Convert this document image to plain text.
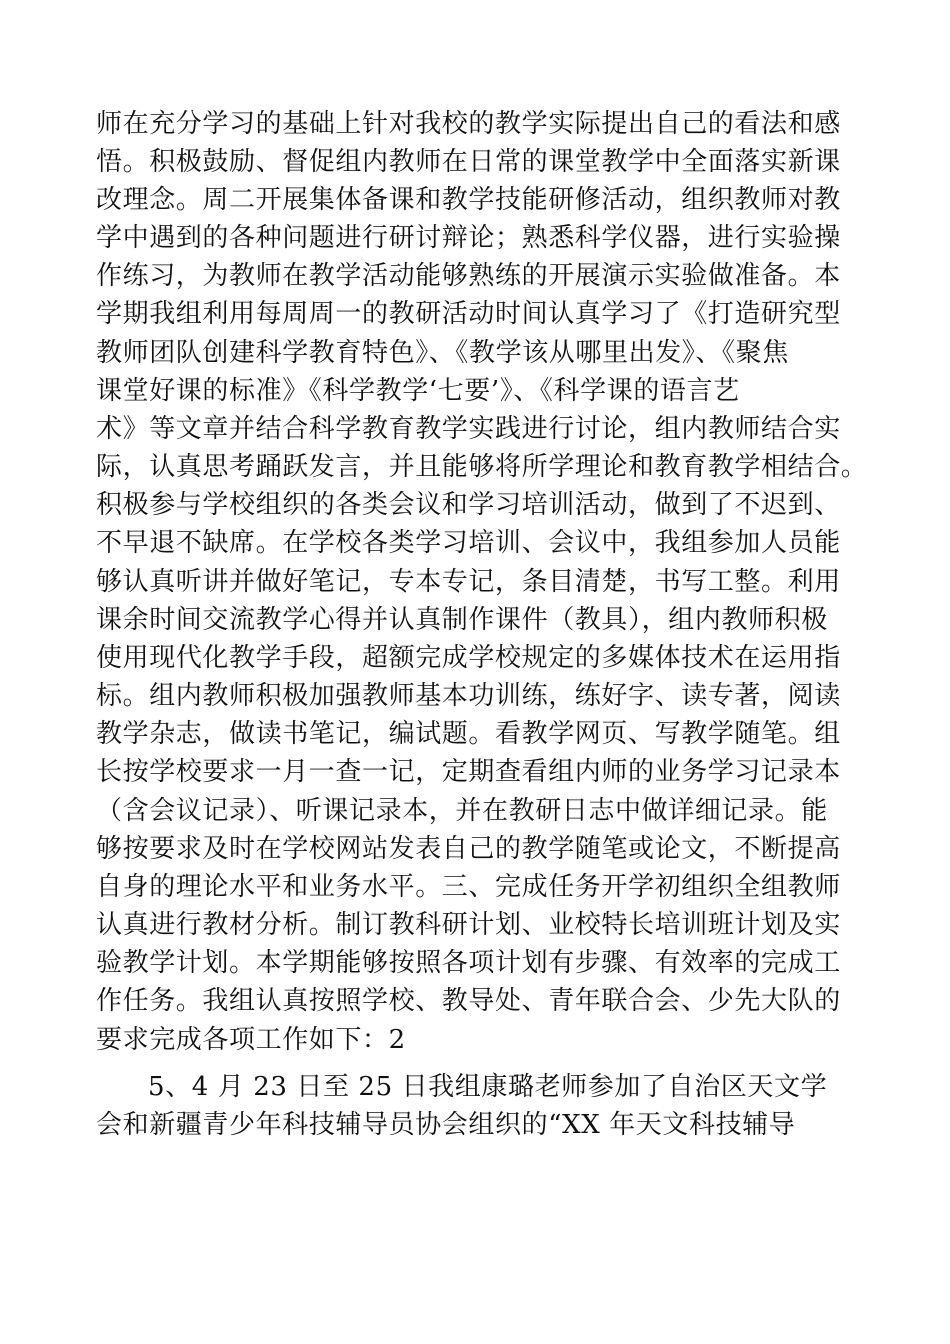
师在充分学习的基础上针对我校的教学实际提出自己的看法和感

悟。积极鼓励、督促组内教师在日常的课堂教学中全面落实新课

改理念。周二开展集体备课和教学技能研修活动，组织教师对教

学中遇到的各种问题进行研讨辩论；熟悉科学仪器，进行实验操

作练习，为教师在教学活动能够熟练的开展演示实验做准备。本

学期我组利用每周周一的教研活动时间认真学习了《打造研究型

教师团队创建科学教育特色》、《教学该从哪里出发》、《聚焦

课堂好课的标准》《科学教学‘七要’》、《科学课的语言艺

术》等文章并结合科学教育教学实践进行讨论，组内教师结合实

际，认真思考踊跃发言，并且能够将所学理论和教育教学相结合。

积极参与学校组织的各类会议和学习培训活动，做到了不迟到、

不早退不缺席。在学校各类学习培训、会议中，我组参加人员能

够认真听讲并做好笔记，专本专记，条目清楚，书写工整。利用

课余时间交流教学心得并认真制作课件（教具），组内教师积极

使用现代化教学手段，超额完成学校规定的多媒体技术在运用指

标。组内教师积极加强教师基本功训练，练好字、读专著，阅读

教学杂志，做读书笔记，编试题。看教学网页、写教学随笔。组

长按学校要求一月一查一记，定期查看组内师的业务学习记录本

（含会议记录）、听课记录本，并在教研日志中做详细记录。能

够按要求及时在学校网站发表自己的教学随笔或论文，不断提高

自身的理论水平和业务水平。三、完成任务开学初组织全组教师

认真进行教材分析。制订教科研计划、业校特长培训班计划及实

验教学计划。本学期能够按照各项计划有步骤、有效率的完成工

作任务。我组认真按照学校、教导处、青年联合会、少先大队的

要求完成各项工作如下：2

5、4 月 23 日至 25 日我组康璐老师参加了自治区天文学

会和新疆青少年科技辅导员协会组织的“XX 年天文科技辅导
